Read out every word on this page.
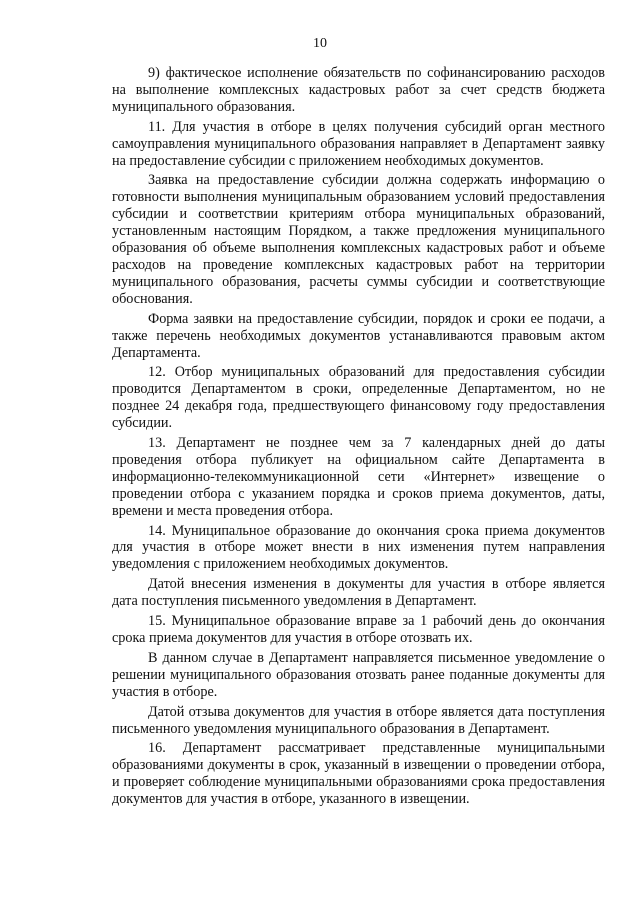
10

9) фактическое исполнение обязательств по софинансированию расходов на выполнение комплексных кадастровых работ за счет средств бюджета муниципального образования.

11. Для участия в отборе в целях получения субсидий орган местного самоуправления муниципального образования направляет в Департамент заявку на предоставление субсидии с приложением необходимых документов.

Заявка на предоставление субсидии должна содержать информацию о готовности выполнения муниципальным образованием условий предоставления субсидии и соответствии критериям отбора муниципальных образований, установленным настоящим Порядком, а также предложения муниципального образования об объеме выполнения комплексных кадастровых работ и объеме расходов на проведение комплексных кадастровых работ на территории муниципального образования, расчеты суммы субсидии и соответствующие обоснования.

Форма заявки на предоставление субсидии, порядок и сроки ее подачи, а также перечень необходимых документов устанавливаются правовым актом Департамента.

12. Отбор муниципальных образований для предоставления субсидии проводится Департаментом в сроки, определенные Департаментом, но не позднее 24 декабря года, предшествующего финансовому году предоставления субсидии.

13. Департамент не позднее чем за 7 календарных дней до даты проведения отбора публикует на официальном сайте Департамента в информационно-телекоммуникационной сети «Интернет» извещение о проведении отбора с указанием порядка и сроков приема документов, даты, времени и места проведения отбора.

14. Муниципальное образование до окончания срока приема документов для участия в отборе может внести в них изменения путем направления уведомления с приложением необходимых документов.

Датой внесения изменения в документы для участия в отборе является дата поступления письменного уведомления в Департамент.

15. Муниципальное образование вправе за 1 рабочий день до окончания срока приема документов для участия в отборе отозвать их.

В данном случае в Департамент направляется письменное уведомление о решении муниципального образования отозвать ранее поданные документы для участия в отборе.

Датой отзыва документов для участия в отборе является дата поступления письменного уведомления муниципального образования в Департамент.

16. Департамент рассматривает представленные муниципальными образованиями документы в срок, указанный в извещении о проведении отбора, и проверяет соблюдение муниципальными образованиями срока предоставления документов для участия в отборе, указанного в извещении.
